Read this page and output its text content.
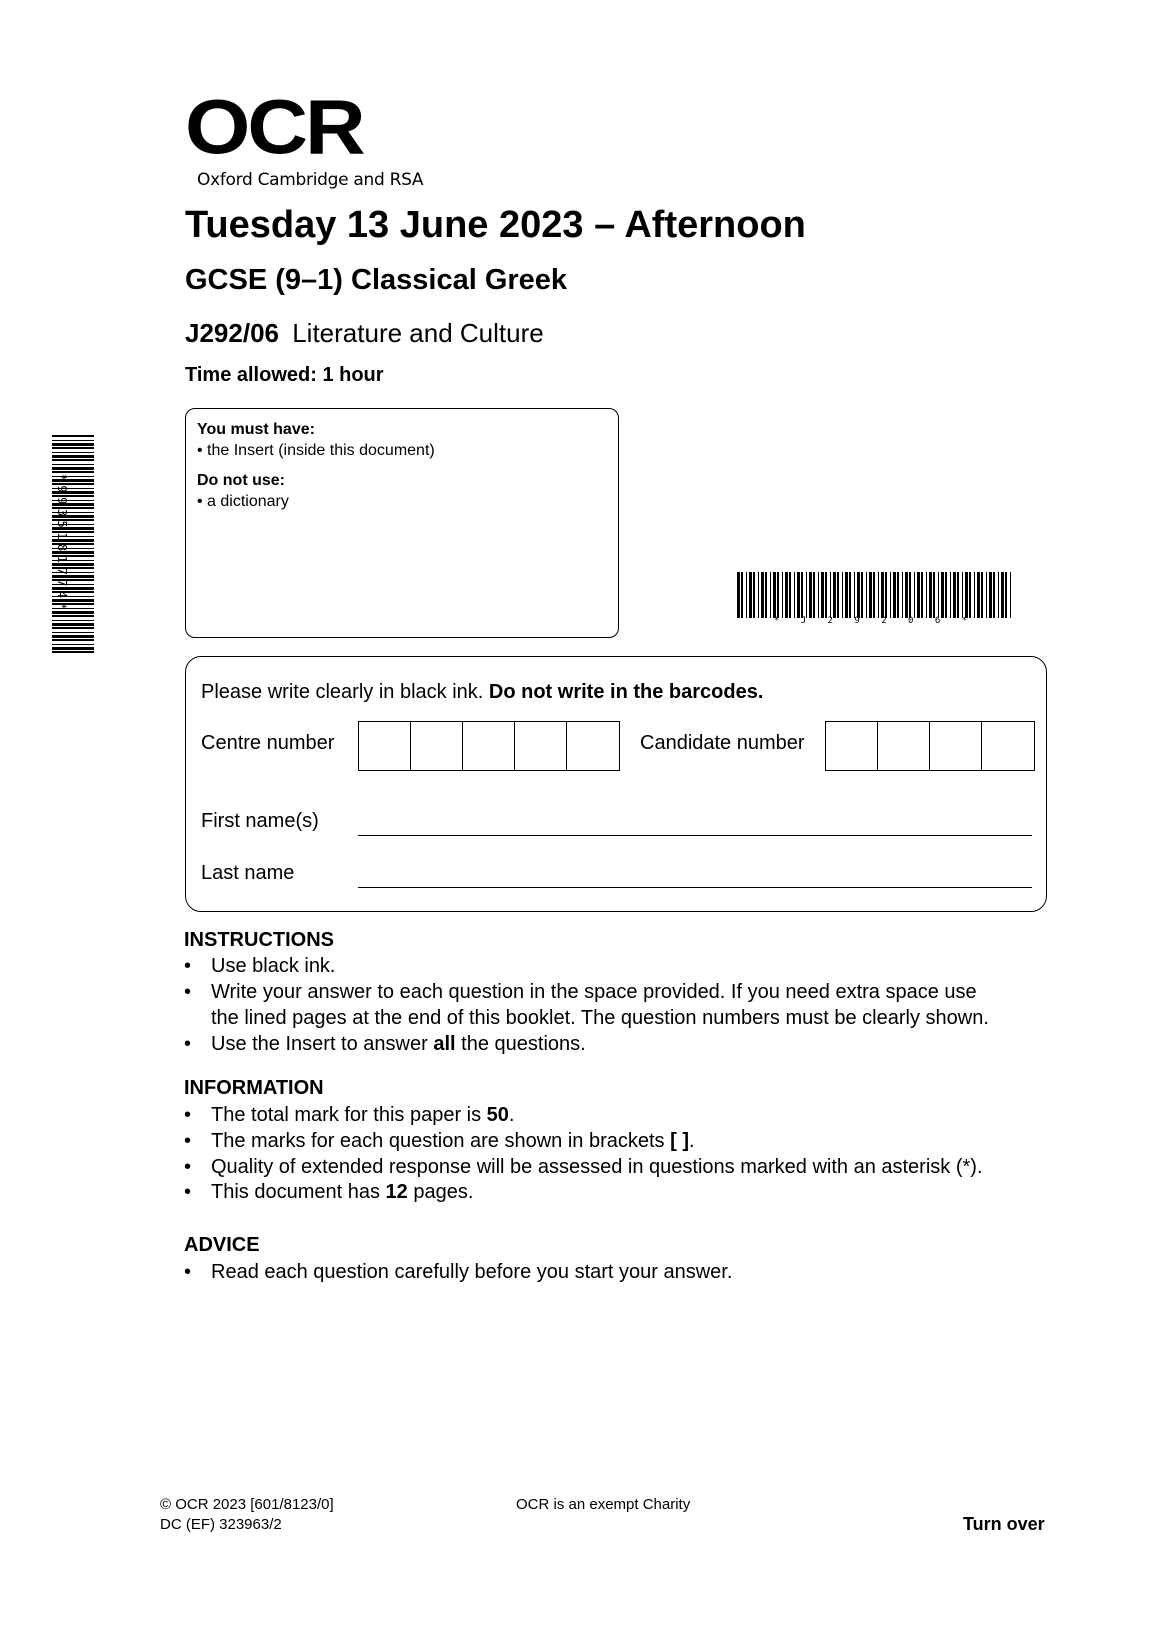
OCR
Oxford Cambridge and RSA
Tuesday 13 June 2023 – Afternoon
GCSE (9–1) Classical Greek
J292/06 Literature and Culture
Time allowed: 1 hour
You must have:
• the Insert (inside this document)
Do not use:
• a dictionary
*9935181774*
* J 2 9 2 0 6 *
Please write clearly in black ink. Do not write in the barcodes.
Centre number	Candidate number
First name(s)
Last name
INSTRUCTIONS
• Use black ink.
• Write your answer to each question in the space provided. If you need extra space use
the lined pages at the end of this booklet. The question numbers must be clearly shown.
• Use the Insert to answer all the questions.
INFORMATION
• The total mark for this paper is 50.
• The marks for each question are shown in brackets [ ].
• Quality of extended response will be assessed in questions marked with an asterisk (*).
• This document has 12 pages.
ADVICE
• Read each question carefully before you start your answer.
© OCR 2023 [601/8123/0]
DC (EF) 323963/2
OCR is an exempt Charity
Turn over
